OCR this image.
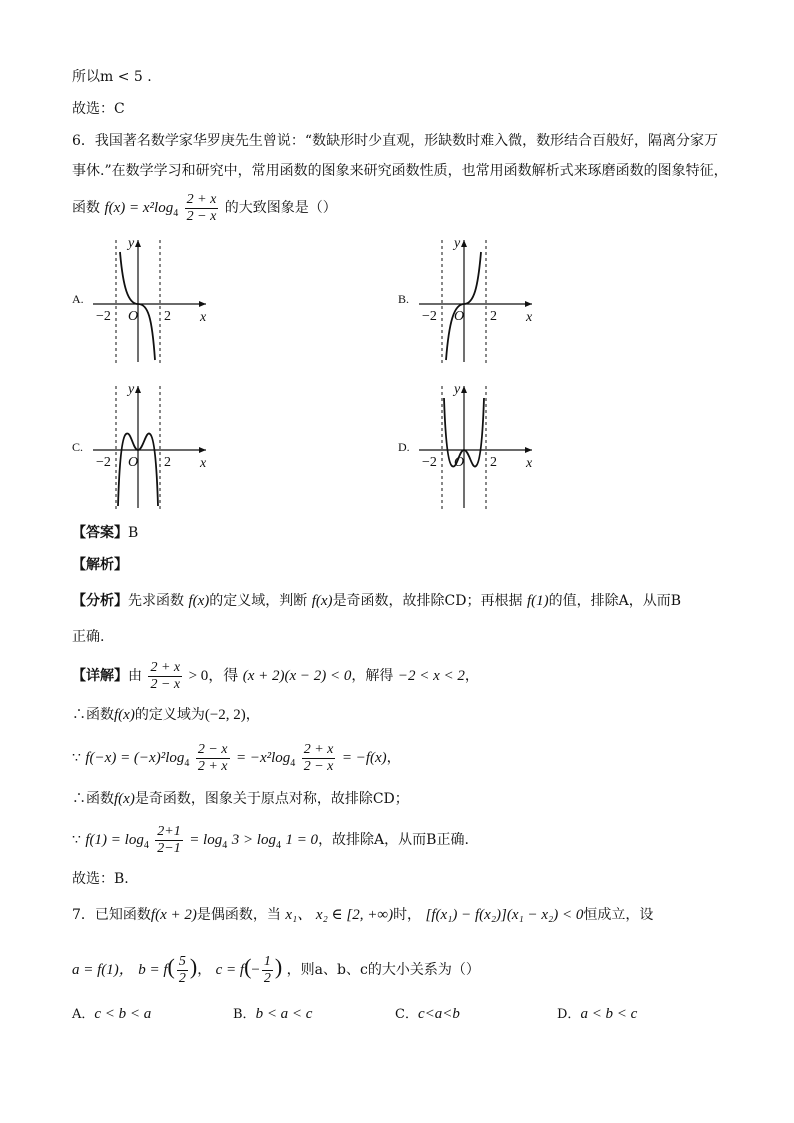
所以m < 5 .
故选：C
6．我国著名数学家华罗庚先生曾说：“数缺形时少直观，形缺数时难入微，数形结合百般好，隔离分家万
事休.”在数学学习和研究中，常用函数的图象来研究函数性质，也常用函数解析式来琢磨函数的图象特征，
函数 $f(x) = x^2\log_4 \frac{2 + x}{2 - x}$ 的大致图象是（）
A.
y
x
O
−2	2
B.
y
x
O
−2	2
C.
y
x
O
−2	2
D.
y
x
O
−2	2
【答案】B
【解析】
【分析】先求函数 f(x)的定义域，判断 f(x)是奇函数，故排除CD；再根据 f(1)的值，排除A，从而B
正确.
【详解】由 $\frac{2 + x}{2 - x} > 0$，得 (x + 2)(x − 2) < 0，解得 −2 < x < 2，
∴函数f(x)的定义域为(−2, 2)，
∵ $f(-x) = (-x)^2\log_4 \frac{2 - x}{2 + x} = -x^2\log_4 \frac{2 + x}{2 - x} = -f(x)$，
∴函数f(x)是奇函数，图象关于原点对称，故排除CD；
∵ $f(1) = \log_4 \frac{2+1}{2-1} = \log_4 3 > \log_4 1 = 0$，故排除A，从而B正确.
故选：B.
7．已知函数f(x + 2)是偶函数，当 x₁、 x₂ ∈ [2, +∞)时， [f(x₁) − f(x₂)](x₁ − x₂) < 0恒成立，设
a = f(1)， $b = f( \frac{5}{2}$ )， $c = f(- \frac{1}{2}$ ) ，则a、b、c的大小关系为（）
A．c < b < a	B．b < a < c	C．c<a<b	D．a < b < c
